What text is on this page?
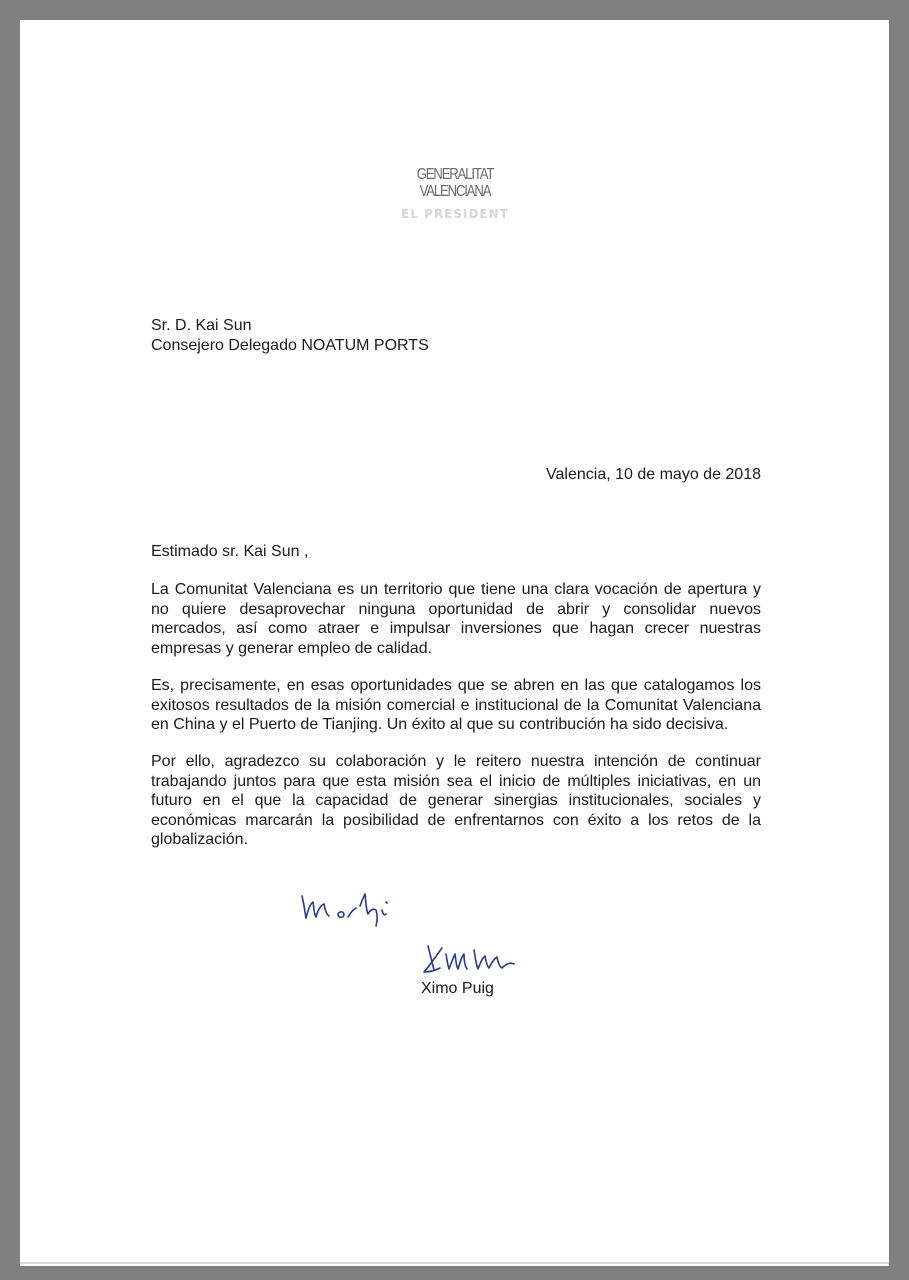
GENERALITAT
VALENCIANA
EL PRESIDENT
Sr. D. Kai Sun
Consejero Delegado NOATUM PORTS
Valencia, 10 de mayo de 2018
Estimado sr. Kai Sun ,
La Comunitat Valenciana es un territorio que tiene una clara vocación de apertura y no quiere desaprovechar ninguna oportunidad de abrir y consolidar nuevos mercados, así como atraer e impulsar inversiones que hagan crecer nuestras empresas y generar empleo de calidad.
Es, precisamente, en esas oportunidades que se abren en las que catalogamos los exitosos resultados de la misión comercial e institucional de la Comunitat Valenciana en China y el Puerto de Tianjing. Un éxito al que su contribución ha sido decisiva.
Por ello, agradezco su colaboración y le reitero nuestra intención de continuar trabajando juntos para que esta misión sea el inicio de múltiples iniciativas, en un futuro en el que la capacidad de generar sinergias institucionales, sociales y económicas marcarán la posibilidad de enfrentarnos con éxito a los retos de la globalización.
Ximo Puig
